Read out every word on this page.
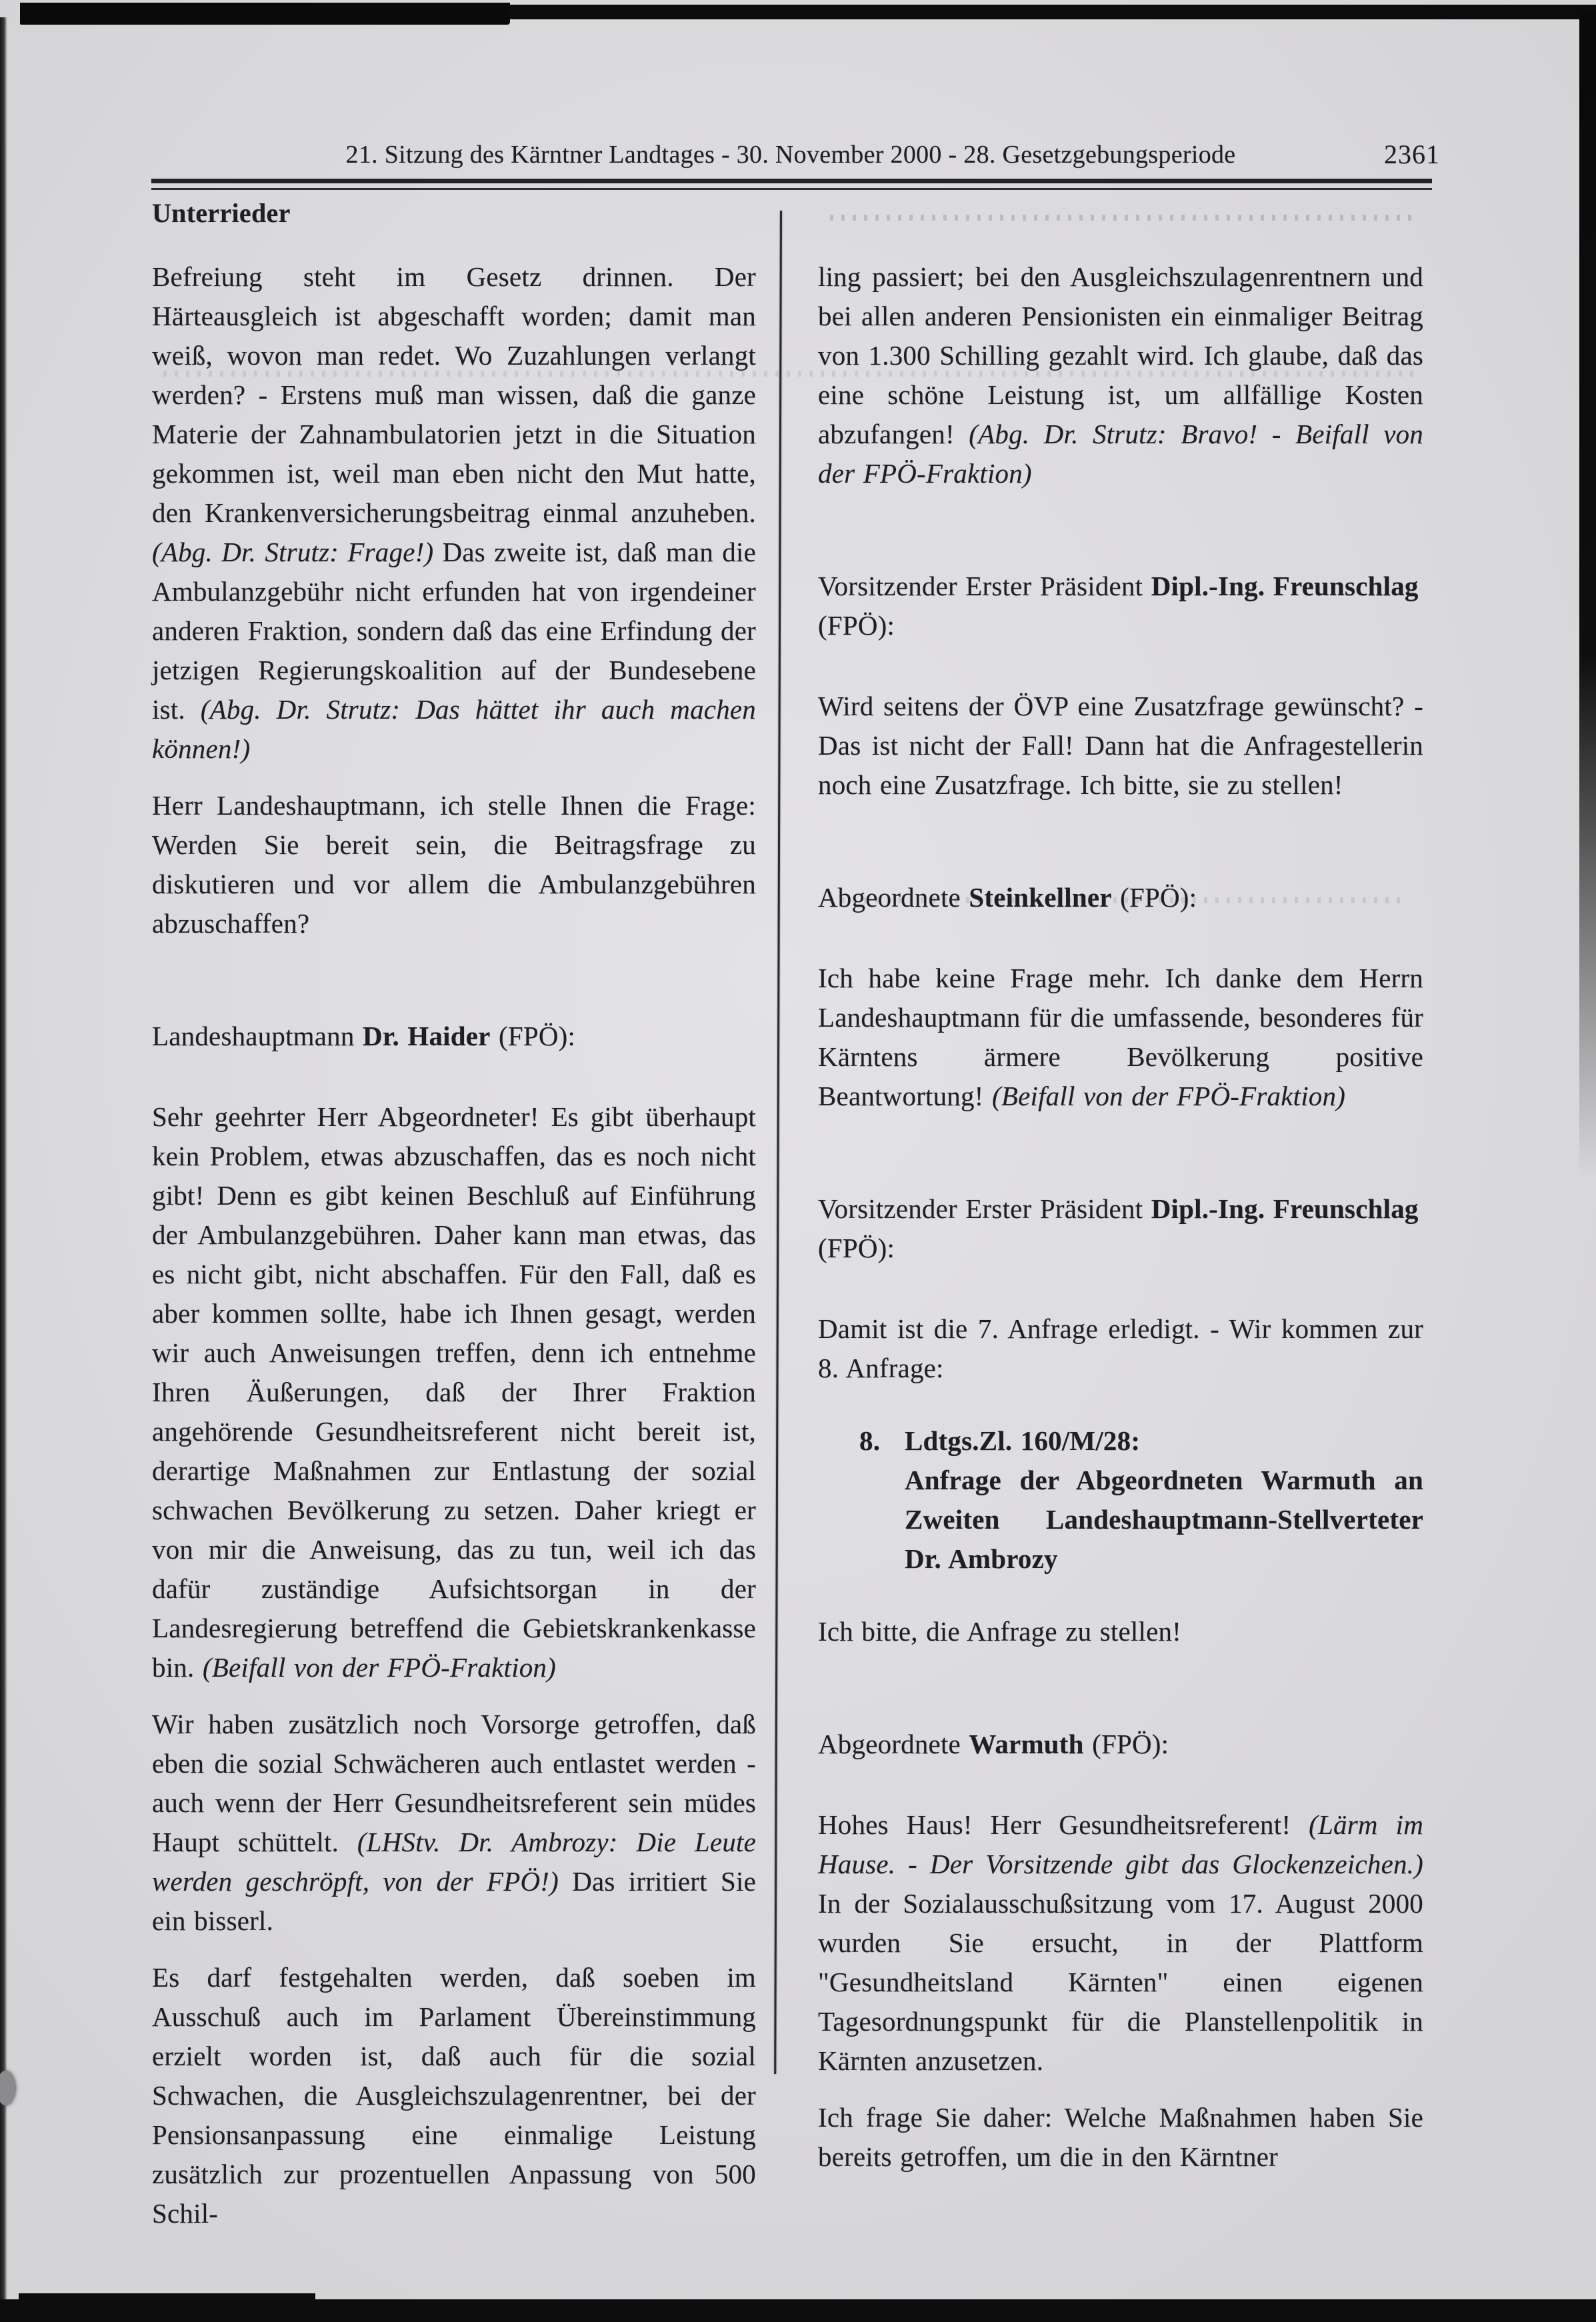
21. Sitzung des Kärntner Landtages - 30. November 2000 - 28. Gesetzgebungsperiode	2361
Unterrieder

Befreiung steht im Gesetz drinnen. Der Härteausgleich ist abgeschafft worden; damit man weiß, wovon man redet. Wo Zuzahlungen verlangt werden? - Erstens muß man wissen, daß die ganze Materie der Zahnambulatorien jetzt in die Situation gekommen ist, weil man eben nicht den Mut hatte, den Krankenversicherungsbeitrag einmal anzuheben. (Abg. Dr. Strutz: Frage!) Das zweite ist, daß man die Ambulanzgebühr nicht erfunden hat von irgendeiner anderen Fraktion, sondern daß das eine Erfindung der jetzigen Regierungskoalition auf der Bundesebene ist. (Abg. Dr. Strutz: Das hättet ihr auch machen können!)

Herr Landeshauptmann, ich stelle Ihnen die Frage: Werden Sie bereit sein, die Beitragsfrage zu diskutieren und vor allem die Ambulanzgebühren abzuschaffen?

Landeshauptmann Dr. Haider (FPÖ):

Sehr geehrter Herr Abgeordneter! Es gibt überhaupt kein Problem, etwas abzuschaffen, das es noch nicht gibt! Denn es gibt keinen Beschluß auf Einführung der Ambulanzgebühren. Daher kann man etwas, das es nicht gibt, nicht abschaffen. Für den Fall, daß es aber kommen sollte, habe ich Ihnen gesagt, werden wir auch Anweisungen treffen, denn ich entnehme Ihren Äußerungen, daß der Ihrer Fraktion angehörende Gesundheitsreferent nicht bereit ist, derartige Maßnahmen zur Entlastung der sozial schwachen Bevölkerung zu setzen. Daher kriegt er von mir die Anweisung, das zu tun, weil ich das dafür zuständige Aufsichtsorgan in der Landesregierung betreffend die Gebietskrankenkasse bin. (Beifall von der FPÖ-Fraktion)

Wir haben zusätzlich noch Vorsorge getroffen, daß eben die sozial Schwächeren auch entlastet werden - auch wenn der Herr Gesundheitsreferent sein müdes Haupt schüttelt. (LHStv. Dr. Ambrozy: Die Leute werden geschröpft, von der FPÖ!) Das irritiert Sie ein bisserl.

Es darf festgehalten werden, daß soeben im Ausschuß auch im Parlament Übereinstimmung erzielt worden ist, daß auch für die sozial Schwachen, die Ausgleichszulagenrentner, bei der Pensionsanpassung eine einmalige Leistung zusätzlich zur prozentuellen Anpassung von 500 Schil-

ling passiert; bei den Ausgleichszulagenrentnern und bei allen anderen Pensionisten ein einmaliger Beitrag von 1.300 Schilling gezahlt wird. Ich glaube, daß das eine schöne Leistung ist, um allfällige Kosten abzufangen! (Abg. Dr. Strutz: Bravo! - Beifall von der FPÖ-Fraktion)

Vorsitzender Erster Präsident Dipl.-Ing. Freunschlag (FPÖ):

Wird seitens der ÖVP eine Zusatzfrage gewünscht? - Das ist nicht der Fall! Dann hat die Anfragestellerin noch eine Zusatzfrage. Ich bitte, sie zu stellen!

Abgeordnete Steinkellner (FPÖ):

Ich habe keine Frage mehr. Ich danke dem Herrn Landeshauptmann für die umfassende, besonderes für Kärntens ärmere Bevölkerung positive Beantwortung! (Beifall von der FPÖ-Fraktion)

Vorsitzender Erster Präsident Dipl.-Ing. Freunschlag (FPÖ):

Damit ist die 7. Anfrage erledigt. - Wir kommen zur 8. Anfrage:

8. Ldtgs.Zl. 160/M/28:
Anfrage der Abgeordneten Warmuth an Zweiten Landeshauptmann-Stellverteter Dr. Ambrozy

Ich bitte, die Anfrage zu stellen!

Abgeordnete Warmuth (FPÖ):

Hohes Haus! Herr Gesundheitsreferent! (Lärm im Hause. - Der Vorsitzende gibt das Glockenzeichen.) In der Sozialausschußsitzung vom 17. August 2000 wurden Sie ersucht, in der Plattform "Gesundheitsland Kärnten" einen eigenen Tagesordnungspunkt für die Planstellenpolitik in Kärnten anzusetzen.

Ich frage Sie daher: Welche Maßnahmen haben Sie bereits getroffen, um die in den Kärntner
